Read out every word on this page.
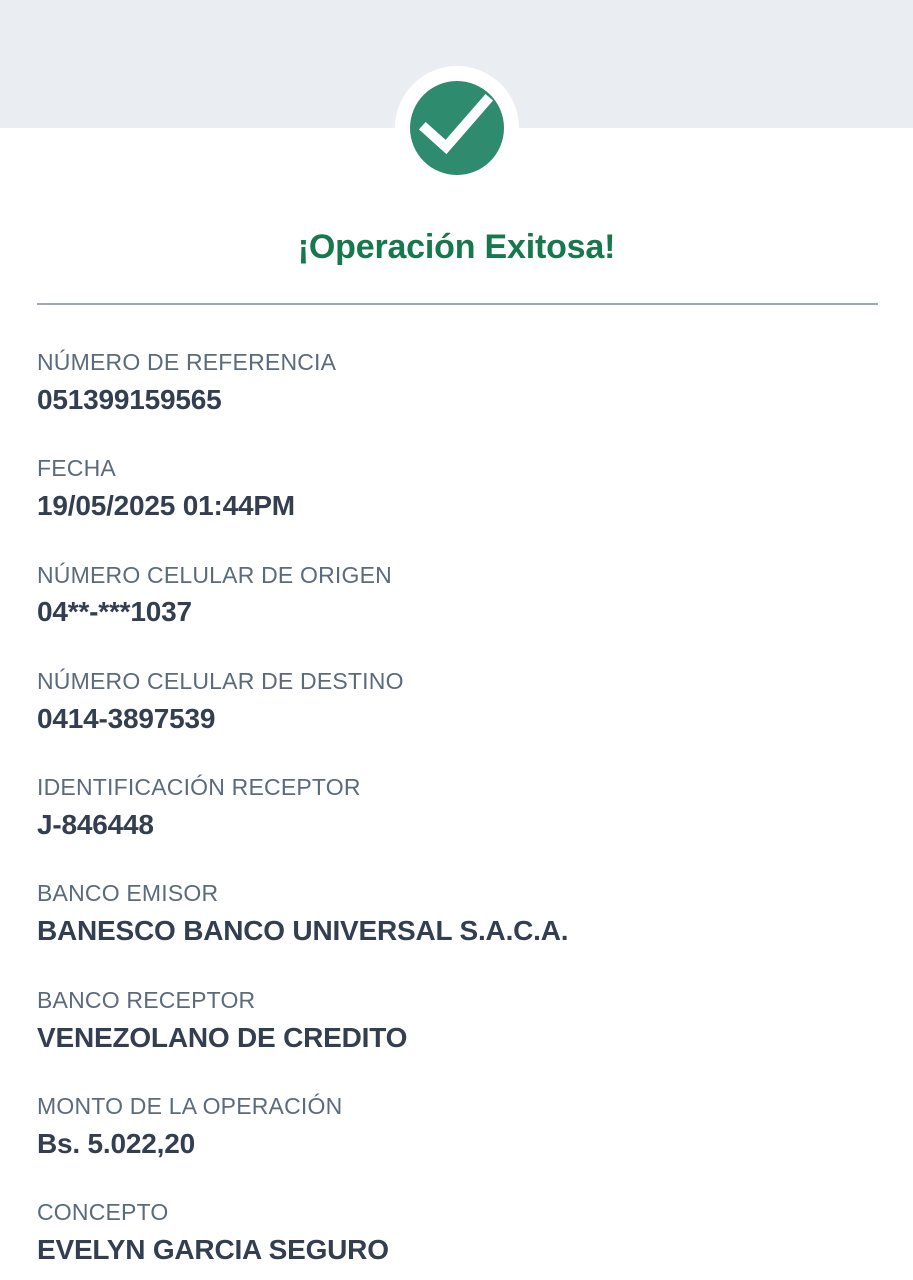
¡Operación Exitosa!
NÚMERO DE REFERENCIA
051399159565
FECHA
19/05/2025 01:44PM
NÚMERO CELULAR DE ORIGEN
04**-***1037
NÚMERO CELULAR DE DESTINO
0414-3897539
IDENTIFICACIÓN RECEPTOR
J-846448
BANCO EMISOR
BANESCO BANCO UNIVERSAL S.A.C.A.
BANCO RECEPTOR
VENEZOLANO DE CREDITO
MONTO DE LA OPERACIÓN
Bs. 5.022,20
CONCEPTO
EVELYN GARCIA SEGURO
